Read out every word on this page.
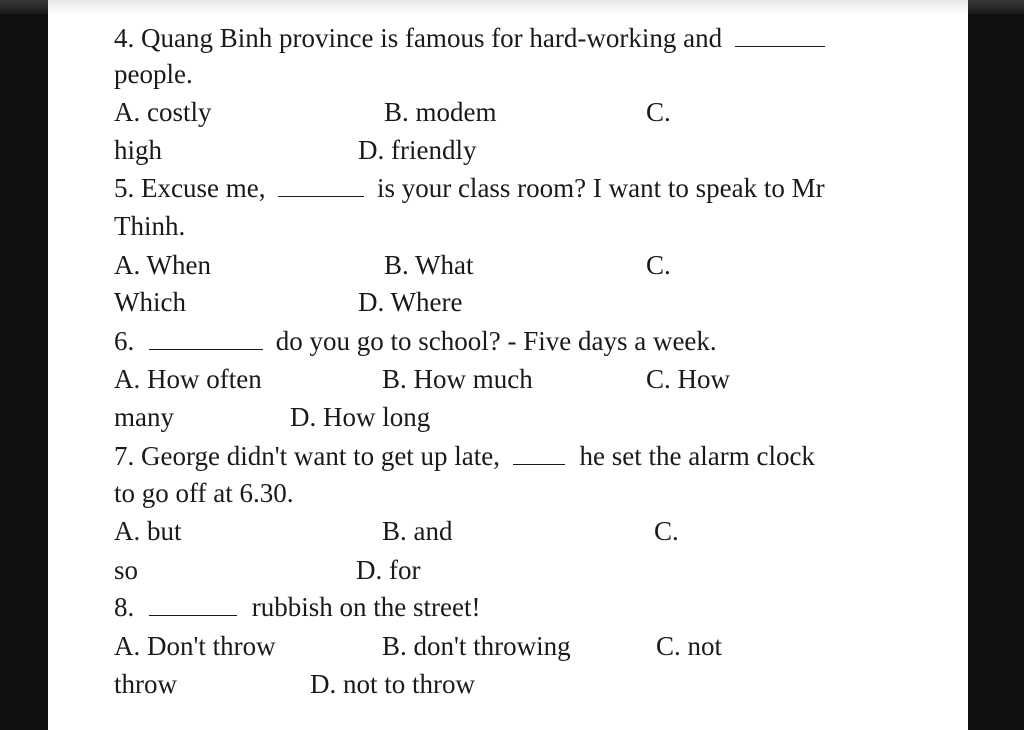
4. Quang Binh province is famous for hard-working and
people.
A. costly	B. modem	C.
high	D. friendly
5. Excuse me,	is your class room? I want to speak to Mr
Thinh.
A. When	B. What	C.
Which	D. Where
6.	do you go to school? - Five days a week.
A. How often	B. How much	C. How
many	D. How long
7. George didn't want to get up late,	he set the alarm clock
to go off at 6.30.
A. but	B. and	C.
so	D. for
8.	rubbish on the street!
A. Don't throw	B. don't throwing	C. not
throw	D. not to throw
